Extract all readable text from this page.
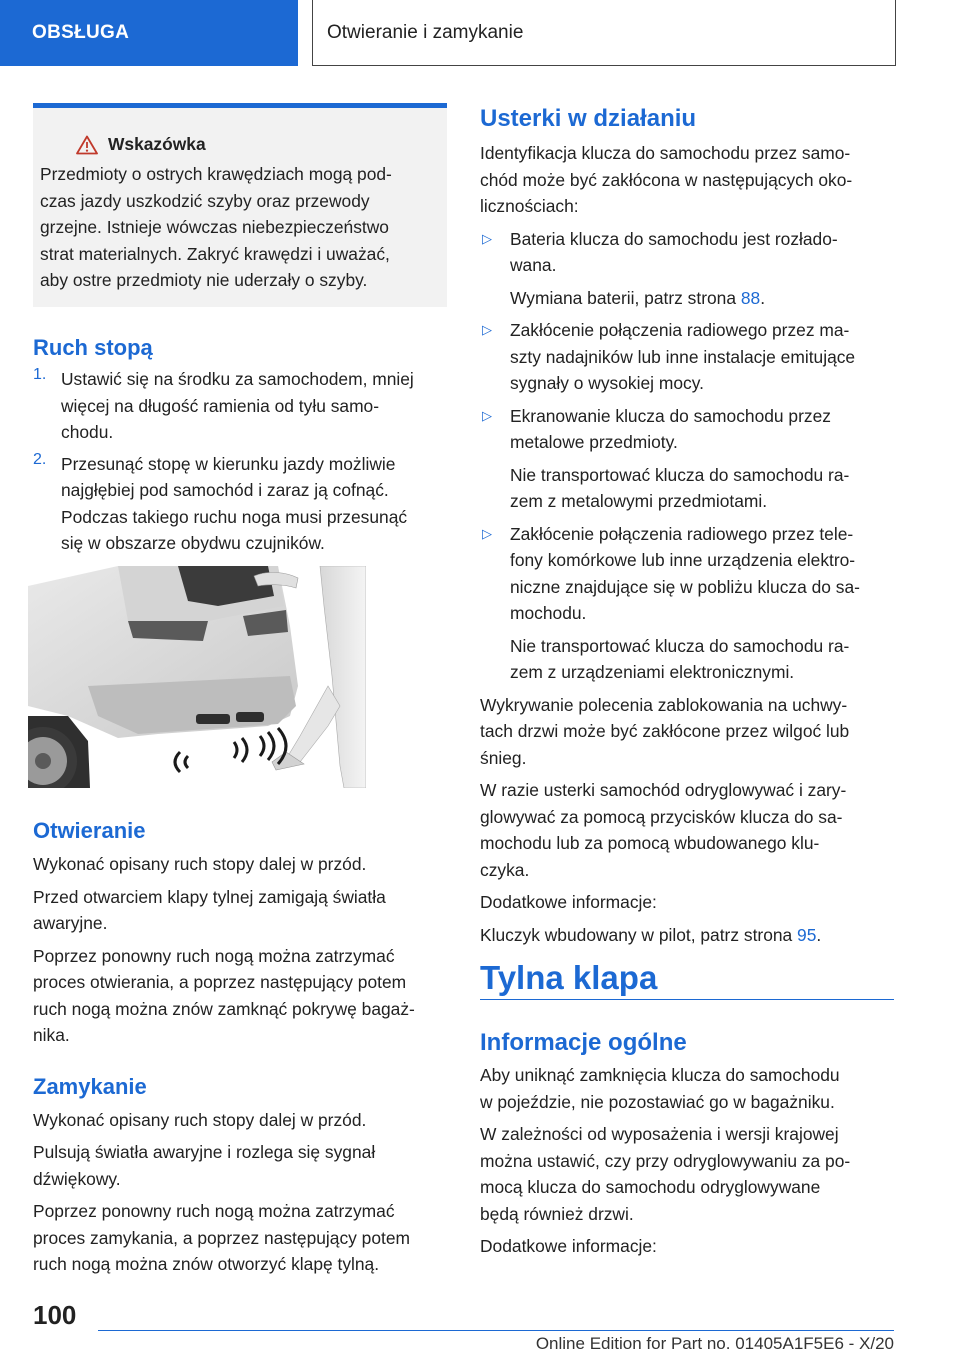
OBSŁUGA	Otwieranie i zamykanie
Wskazówka

Przedmioty o ostrych krawędziach mogą pod-

czas jazdy uszkodzić szyby oraz przewody

grzejne. Istnieje wówczas niebezpieczeństwo

strat materialnych. Zakryć krawędzi i uważać,

aby ostre przedmioty nie uderzały o szyby.

Ruch stopą
1. Ustawić się na środku za samochodem, mniej

więcej na długość ramienia od tyłu samo-

chodu.

2. Przesunąć stopę w kierunku jazdy możliwie

najgłębiej pod samochód i zaraz ją cofnąć.

Podczas takiego ruchu noga musi przesunąć

się w obszarze obydwu czujników.

Otwieranie

Wykonać opisany ruch stopy dalej w przód.

Przed otwarciem klapy tylnej zamigają światła

awaryjne.

Poprzez ponowny ruch nogą można zatrzymać

proces otwierania, a poprzez następujący potem

ruch nogą można znów zamknąć pokrywę bagaż-

nika.

Zamykanie

Wykonać opisany ruch stopy dalej w przód.

Pulsują światła awaryjne i rozlega się sygnał

dźwiękowy.

Poprzez ponowny ruch nogą można zatrzymać

proces zamykania, a poprzez następujący potem

ruch nogą można znów otworzyć klapę tylną.

Usterki w działaniu

Identyfikacja klucza do samochodu przez samo-

chód może być zakłócona w następujących oko-

licznościach:

▷	Bateria klucza do samochodu jest rozłado-

wana.

Wymiana baterii, patrz strona 88.

▷	Zakłócenie połączenia radiowego przez ma-

szty nadajników lub inne instalacje emitujące

sygnały o wysokiej mocy.

▷	Ekranowanie klucza do samochodu przez

metalowe przedmioty.

Nie transportować klucza do samochodu ra-

zem z metalowymi przedmiotami.

▷	Zakłócenie połączenia radiowego przez tele-

fony komórkowe lub inne urządzenia elektro-

niczne znajdujące się w pobliżu klucza do sa-

mochodu.

Nie transportować klucza do samochodu ra-

zem z urządzeniami elektronicznymi.

Wykrywanie polecenia zablokowania na uchwy-

tach drzwi może być zakłócone przez wilgoć lub

śnieg.

W razie usterki samochód odryglowywać i zary-

glowywać za pomocą przycisków klucza do sa-

mochodu lub za pomocą wbudowanego klu-

czyka.

Dodatkowe informacje:

Kluczyk wbudowany w pilot, patrz strona 95.

Tylna klapa
Informacje ogólne

Aby uniknąć zamknięcia klucza do samochodu

w pojeździe, nie pozostawiać go w bagażniku.

W zależności od wyposażenia i wersji krajowej

można ustawić, czy przy odryglowywaniu za po-

mocą klucza do samochodu odryglowywane

będą również drzwi.

Dodatkowe informacje:

100
Online Edition for Part no. 01405A1F5E6 - X/20
